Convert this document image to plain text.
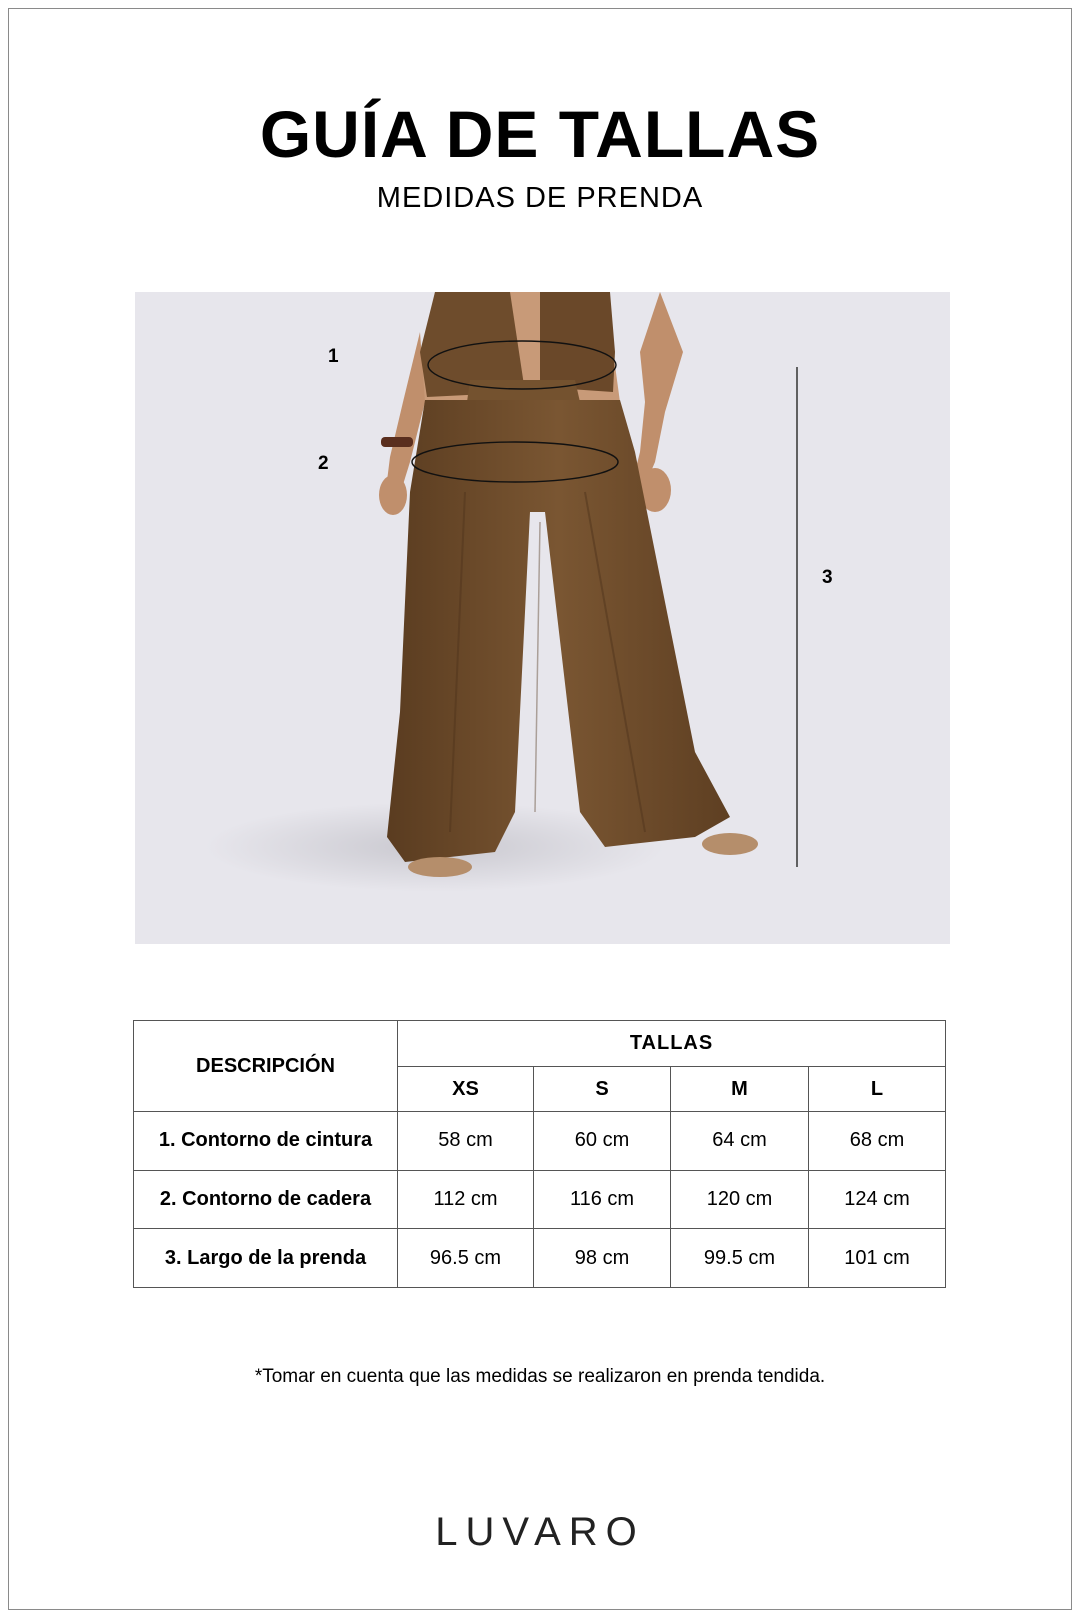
GUÍA DE TALLAS
MEDIDAS DE PRENDA
1
2
3
DESCRIPCIÓN	TALLAS			
	XS	S	M	L
1. Contorno de cintura	58 cm	60 cm	64 cm	68 cm
2. Contorno de cadera	112 cm	116 cm	120 cm	124 cm
3. Largo de la prenda	96.5 cm	98 cm	99.5 cm	101 cm
*Tomar en cuenta que las medidas se realizaron en prenda tendida.
LUVARO
